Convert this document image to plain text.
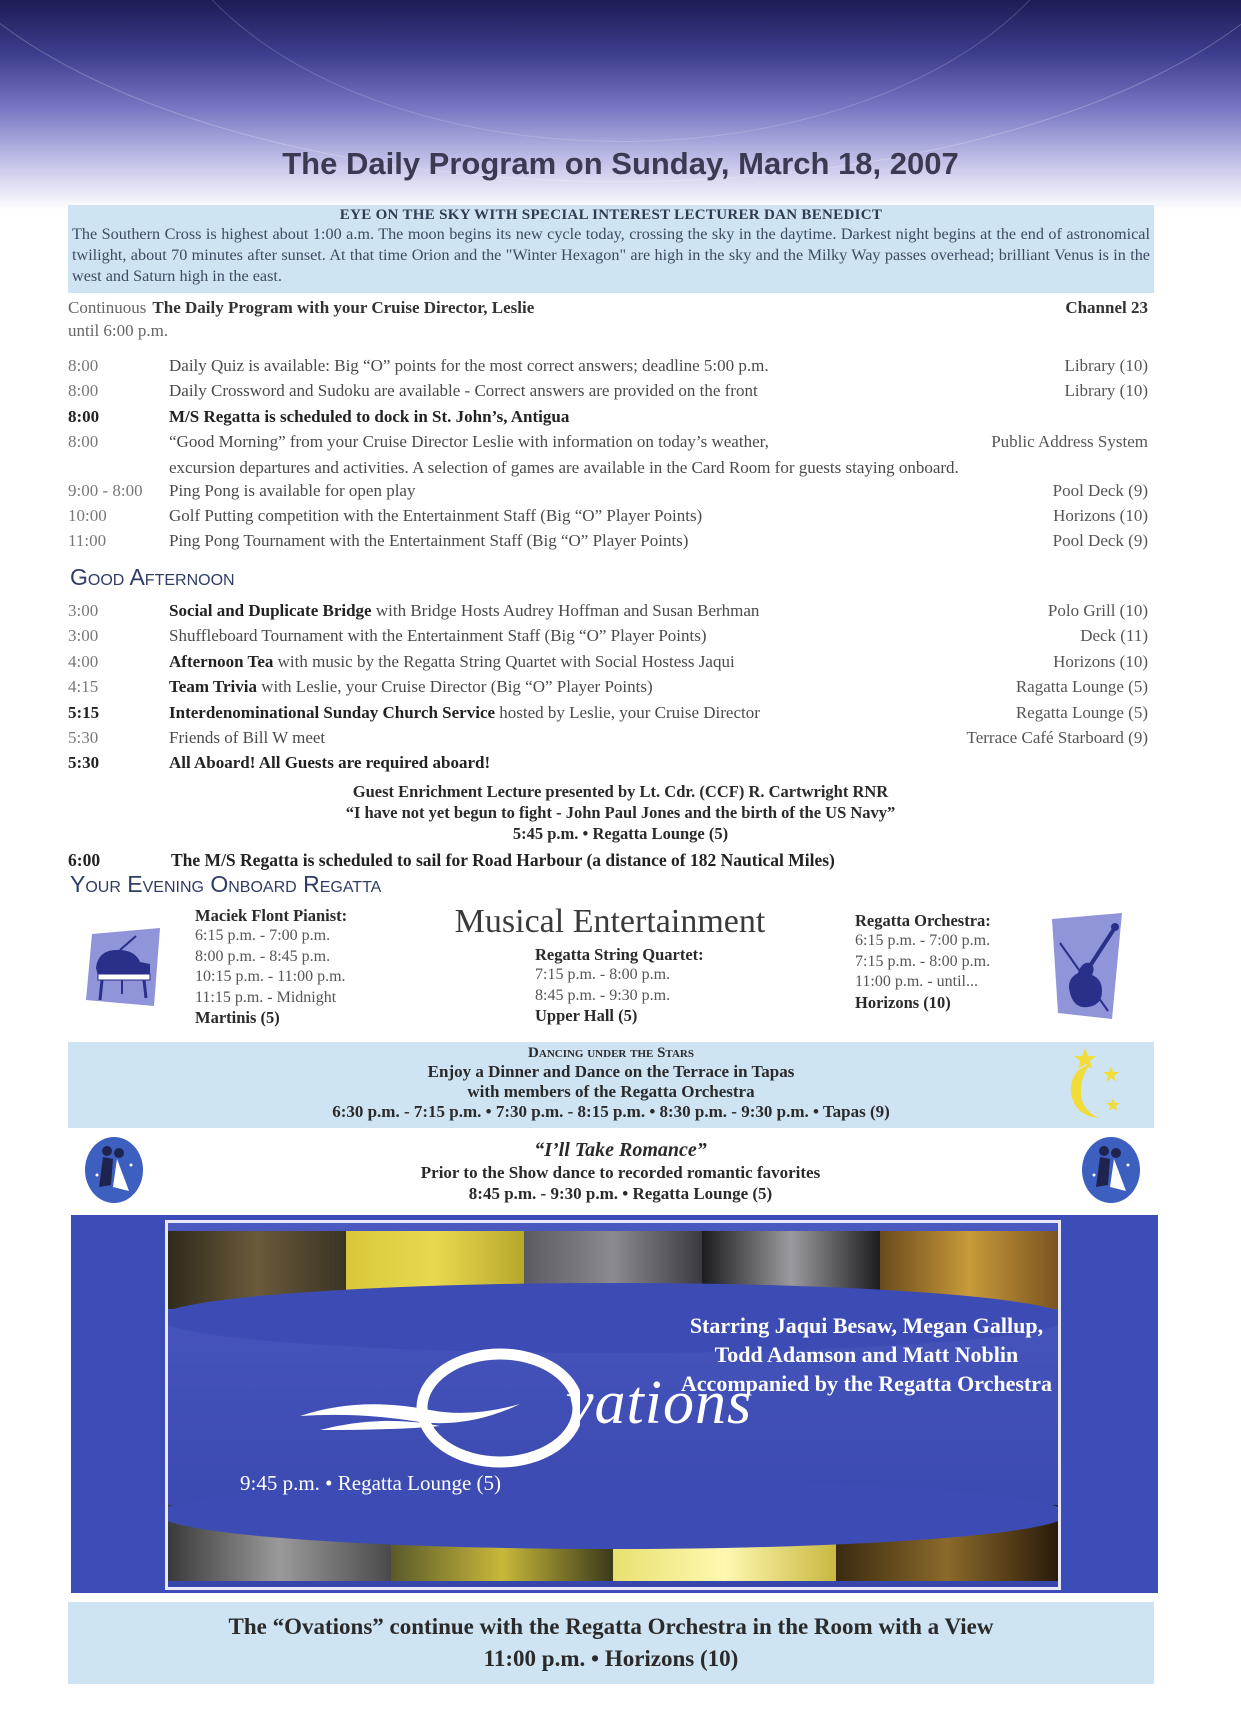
The Daily Program on Sunday, March 18, 2007
EYE ON THE SKY WITH SPECIAL INTEREST LECTURER DAN BENEDICT

The Southern Cross is highest about 1:00 a.m. The moon begins its new cycle today, crossing the sky in the daytime. Darkest night begins at the end of astronomical twilight, about 70 minutes after sunset. At that time Orion and the "Winter Hexagon" are high in the sky and the Milky Way passes overhead; brilliant Venus is in the west and Saturn high in the east.

Continuous The Daily Program with your Cruise Director, Leslie	Channel 23
until 6:00 p.m.
8:00	Daily Quiz is available: Big “O” points for the most correct answers; deadline 5:00 p.m.	Library (10)
8:00	Daily Crossword and Sudoku are available - Correct answers are provided on the front	Library (10)
8:00	M/S Regatta is scheduled to dock in St. John’s, Antigua
8:00	“Good Morning” from your Cruise Director Leslie with information on today’s weather,	Public Address System
excursion departures and activities. A selection of games are available in the Card Room for guests staying onboard.
9:00 - 8:00	Ping Pong is available for open play	Pool Deck (9)
10:00	Golf Putting competition with the Entertainment Staff (Big “O” Player Points)	Horizons (10)
11:00	Ping Pong Tournament with the Entertainment Staff (Big “O” Player Points)	Pool Deck (9)
Good Afternoon
3:00	Social and Duplicate Bridge with Bridge Hosts Audrey Hoffman and Susan Berhman	Polo Grill (10)
3:00	Shuffleboard Tournament with the Entertainment Staff (Big “O” Player Points)	Deck (11)
4:00	Afternoon Tea with music by the Regatta String Quartet with Social Hostess Jaqui	Horizons (10)
4:15	Team Trivia with Leslie, your Cruise Director (Big “O” Player Points)	Ragatta Lounge (5)
5:15	Interdenominational Sunday Church Service hosted by Leslie, your Cruise Director	Regatta Lounge (5)
5:30	Friends of Bill W meet	Terrace Café Starboard (9)
5:30	All Aboard! All Guests are required aboard!
Guest Enrichment Lecture presented by Lt. Cdr. (CCF) R. Cartwright RNR
“I have not yet begun to fight - John Paul Jones and the birth of the US Navy”
5:45 p.m. • Regatta Lounge (5)
6:00	The M/S Regatta is scheduled to sail for Road Harbour (a distance of 182 Nautical Miles)
Your Evening Onboard Regatta
Maciek Flont Pianist:
6:15 p.m. - 7:00 p.m.
8:00 p.m. - 8:45 p.m.
10:15 p.m. - 11:00 p.m.
11:15 p.m. - Midnight
Martinis (5)
Musical Entertainment
Regatta String Quartet:
7:15 p.m. - 8:00 p.m.
8:45 p.m. - 9:30 p.m.
Upper Hall (5)
Regatta Orchestra:
6:15 p.m. - 7:00 p.m.
7:15 p.m. - 8:00 p.m.
11:00 p.m. - until...
Horizons (10)
Dancing under the Stars
Enjoy a Dinner and Dance on the Terrace in Tapas
with members of the Regatta Orchestra
6:30 p.m. - 7:15 p.m. • 7:30 p.m. - 8:15 p.m. • 8:30 p.m. - 9:30 p.m. • Tapas (9)
“I’ll Take Romance”
Prior to the Show dance to recorded romantic favorites
8:45 p.m. - 9:30 p.m. • Regatta Lounge (5)
Starring Jaqui Besaw, Megan Gallup,
Todd Adamson and Matt Noblin
Accompanied by the Regatta Orchestra
vations
9:45 p.m. • Regatta Lounge (5)
The “Ovations” continue with the Regatta Orchestra in the Room with a View
11:00 p.m. • Horizons (10)
